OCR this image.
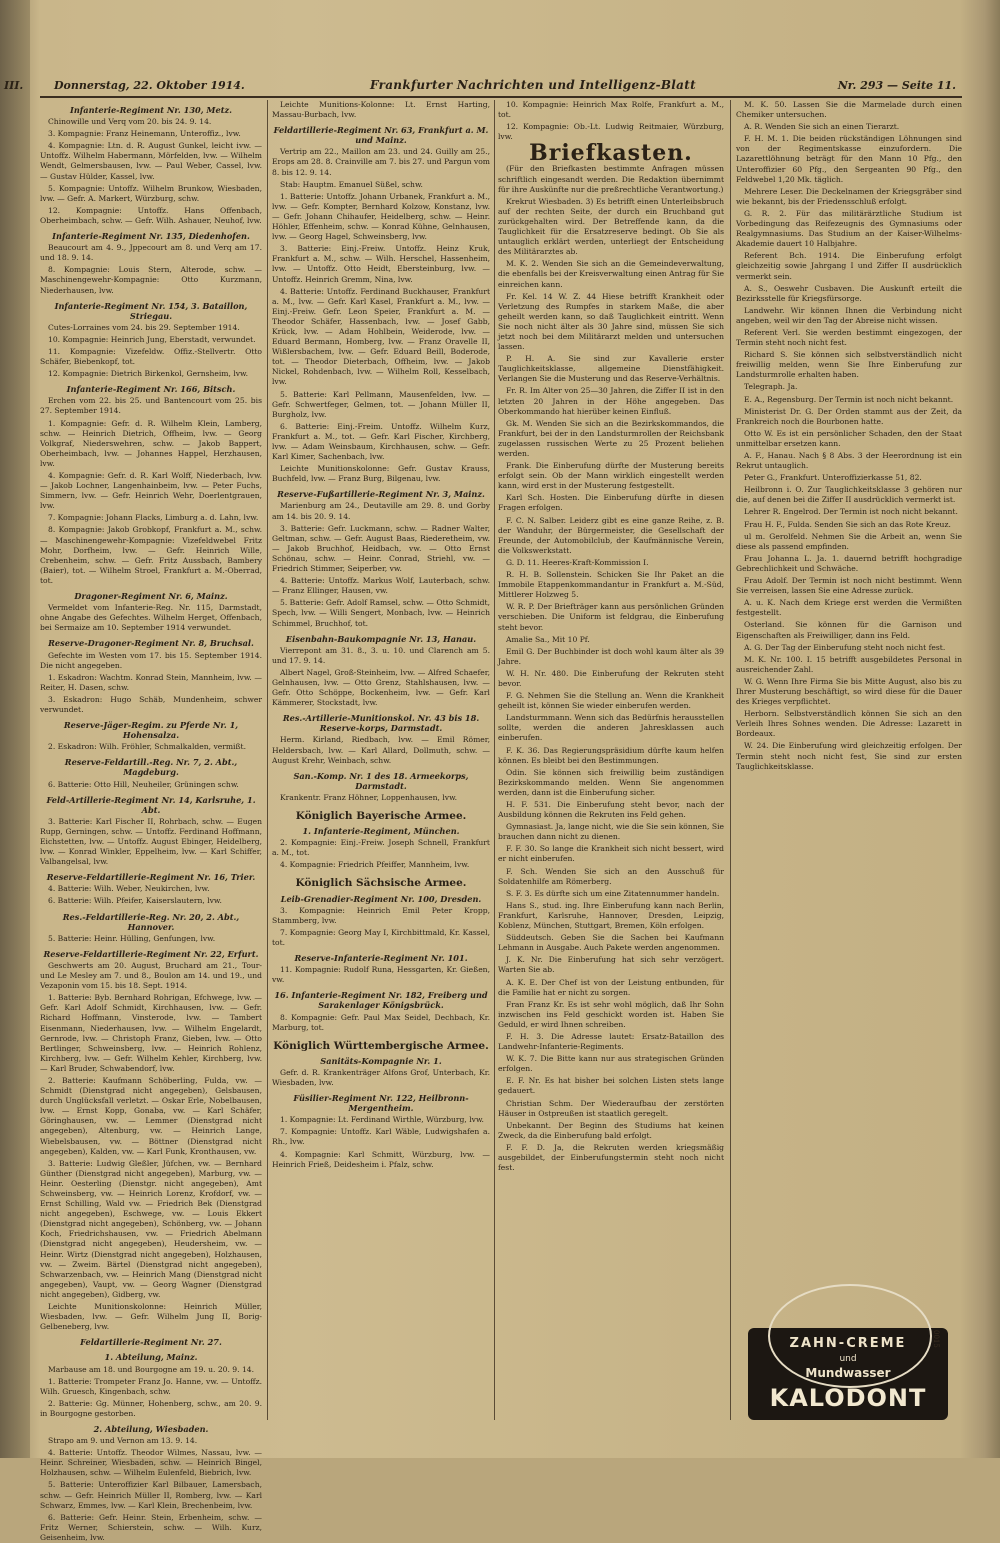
III.	Donnerstag, 22. Oktober 1914.	Frankfurter Nachrichten und Intelligenz-Blatt	Nr. 293 — Seite 11.
Infanterie-Regiment Nr. 130, Metz.
Chinowille und Verq vom 20. bis 24. 9. 14.
3. Kompagnie: Franz Heinemann, Unteroffiz., lvw.
4. Kompagnie: Ltn. d. R. August Gunkel, leicht ivw. — Untoffz. Wilhelm Habermann, Mörfelden, lvw. — Wilhelm Wendt, Gelmersbausen, lvw. — Paul Weber, Cassel, lvw. — Gustav Hülder, Kassel, lvw.
5. Kompagnie: Untoffz. Wilhelm Brunkow, Wiesbaden, lvw. — Gefr. A. Markert, Würzburg, schw.
12. Kompagnie: Untoffz. Hans Offenbach, Oberheimbach, schw. — Gefr. Wilh. Ashauer, Neuhof, lvw.
Infanterie-Regiment Nr. 135, Diedenhofen.
Beaucourt am 4. 9., Jppecourt am 8. und Verq am 17. und 18. 9. 14.
8. Kompagnie: Louis Stern, Alterode, schw. — Maschinengewehr-Kompagnie: Otto Kurzmann, Niederhausen, lvw.
Infanterie-Regiment Nr. 154, 3. Bataillon, Striegau.
Cutes-Lorraines vom 24. bis 29. September 1914.
10. Kompagnie: Heinrich Jung, Eberstadt, verwundet.
11. Kompagnie: Vizefeldw. Offiz.-Stellvertr. Otto Schäfer, Biebenkopf, tot.
12. Kompagnie: Dietrich Birkenkol, Gernsheim, lvw.
Infanterie-Regiment Nr. 166, Bitsch.
Erchen vom 22. bis 25. und Bantencourt vom 25. bis 27. September 1914.
1. Kompagnie: Gefr. d. R. Wilhelm Klein, Lamberg, schw. — Heinrich Dietrich, Offheim, lvw. — Georg Volkgraf, Niederswehren, schw. — Jakob Bappert, Oberheimbach, lvw. — Johannes Happel, Herzhausen, lvw.
4. Kompagnie: Gefr. d. R. Karl Wolff, Niederbach, lvw. — Jakob Lochner, Langenhainbeim, lvw. — Peter Fuchs, Simmern, lvw. — Gefr. Heinrich Wehr, Doerlentgrauen, lvw.
7. Kompagnie: Johann Flacks, Limburg a. d. Lahn, lvw.
8. Kompagnie: Jakob Grobkopf, Frankfurt a. M., schw. — Maschinengewehr-Kompagnie: Vizefeldwebel Fritz Mohr, Dorfheim, lvw. — Gefr. Heinrich Wille, Crebenheim, schw. — Gefr. Fritz Aussbach, Bambery (Baier), tot. — Wilhelm Stroel, Frankfurt a. M.-Oberrad, tot.
Dragoner-Regiment Nr. 6, Mainz.
Vermeldet vom Infanterie-Reg. Nr. 115, Darmstadt, ohne Angabe des Gefechtes. Wilhelm Herget, Offenbach, bei Sermaize am 10. September 1914 verwundet.
Reserve-Dragoner-Regiment Nr. 8, Bruchsal.
Gefechte im Westen vom 17. bis 15. September 1914. Die nicht angegeben.
1. Eskadron: Wachtm. Konrad Stein, Mannheim, lvw. — Reiter, H. Dasen, schw.
3. Eskadron: Hugo Schäb, Mundenheim, schwer verwundet.
Reserve-Jäger-Regim. zu Pferde Nr. 1, Hohensalza.
2. Eskadron: Wilh. Fröhler, Schmalkalden, vermißt.
Reserve-Feldartill.-Reg. Nr. 7, 2. Abt., Magdeburg.
6. Batterie: Otto Hill, Neuheiler, Grüningen schw.
Feld-Artillerie-Regiment Nr. 14, Karlsruhe, 1. Abt.
3. Batterie: Karl Fischer II, Rohrbach, schw. — Eugen Rupp, Gerningen, schw. — Untoffz. Ferdinand Hoffmann, Eichstetten, lvw. — Untoffz. August Ebinger, Heidelberg, lvw. — Konrad Winkler, Eppelheim, lvw. — Karl Schiffer, Valbangelsal, lvw.
Reserve-Feldartillerie-Regiment Nr. 16, Trier.
4. Batterie: Wilh. Weber, Neukirchen, lvw.
6. Batterie: Wilh. Pfeifer, Kaiserslautern, lvw.
Res.-Feldartillerie-Reg. Nr. 20, 2. Abt., Hannover.
5. Batterie: Heinr. Hülling, Genfungen, lvw.
Reserve-Feldartillerie-Regiment Nr. 22, Erfurt.
Geschwerts am 20. August, Bruchard am 21., Tour- und Le Mesley am 7. und 8., Boulon am 14. und 19., und Vezaponin vom 15. bis 18. Sept. 1914.
1. Batterie: Byb. Bernhard Rohrigan, Efchwege, lvw. — Gefr. Karl Adolf Schmidt, Kirchhausen, lvw. — Gefr. Richard Hoffmann, Vinsterode, lvw. — Tambert Eisenmann, Niederhausen, lvw. — Wilhelm Engelardt, Gernrode, lvw. — Christoph Franz, Gieben, lvw. — Otto Bertlinger, Schweinsberg, lvw. — Heinrich Rohlenz, Kirchberg, lvw. — Gefr. Wilhelm Kehler, Kirchberg, lvw. — Karl Bruder, Schwabendorf, lvw.
2. Batterie: Kaufmann Schöberling, Fulda, vw. — Schmidt (Dienstgrad nicht angegeben), Gelsbausen, durch Unglücksfall verletzt. — Oskar Erle, Nobelbausen, lvw. — Ernst Kopp, Gonaba, vw. — Karl Schäfer, Göringhausen, vw. — Lemmer (Dienstgrad nicht angegeben), Altenburg, vw. — Heinrich Lange, Wiebelsbausen, vw. — Böttner (Dienstgrad nicht angegeben), Kalden, vw. — Karl Funk, Kronthausen, vw.
3. Batterie: Ludwig Gleßler, Jüfchen, vw. — Bernhard Günther (Dienstgrad nicht angegeben), Marburg, vw. — Heinr. Oesterling (Dienstgr. nicht angegeben), Amt Schweinsberg, vw. — Heinrich Lorenz, Krofdorf, vw. — Ernst Schilling, Wald vw. — Friedrich Bek (Dienstgrad nicht angegeben), Eschwege, vw. — Louis Ekkert (Dienstgrad nicht angegeben), Schönberg, vw. — Johann Koch, Friedrichshausen, vw. — Friedrich Abelmann (Dienstgrad nicht angegeben), Heudersheim, vw. — Heinr. Wirtz (Dienstgrad nicht angegeben), Holzhausen, vw. — Zweim. Bärtel (Dienstgrad nicht angegeben), Schwarzenbach, vw. — Heinrich Mang (Dienstgrad nicht angegeben), Vaupt, vw. — Georg Wagner (Dienstgrad nicht angegeben), Gidberg, vw.
Leichte Munitionskolonne: Heinrich Müller, Wiesbaden, lvw. — Gefr. Wilhelm Jung II, Borig-Gelbeneberg, lvw.
Feldartillerie-Regiment Nr. 27.
1. Abteilung, Mainz.
Marbause am 18. und Bourgogne am 19. u. 20. 9. 14.
1. Batterie: Trompeter Franz Jo. Hanne, vw. — Untoffz. Wilh. Gruesch, Kingenbach, schw.
2. Batterie: Gg. Münner, Hohenberg, schw., am 20. 9. in Bourgogne gestorben.
2. Abteilung, Wiesbaden.
Strapo am 9. und Vernon am 13. 9. 14.
4. Batterie: Untoffz. Theodor Wilmes, Nassau, lvw. — Heinr. Schreiner, Wiesbaden, schw. — Heinrich Bingel, Holzhausen, schw. — Wilhelm Eulenfeld, Biebrich, lvw.
5. Batterie: Unteroffizier Karl Bilbauer, Lamersbach, schw. — Gefr. Heinrich Müller II, Romberg, lvw. — Karl Schwarz, Emmes, lvw. — Karl Klein, Brechenbeim, lvw.
6. Batterie: Gefr. Heinr. Stein, Erbenheim, schw. — Fritz Werner, Schierstein, schw. — Wilh. Kurz, Geisenheim, lvw.
Leichte Munitions-Kolonne: Lt. Ernst Harting, Massau-Burbach, lvw.
Feldartillerie-Regiment Nr. 63, Frankfurt a. M. und Mainz.
Vertrip am 22., Maillon am 23. und 24. Guilly am 25., Erops am 28. 8. Crainville am 7. bis 27. und Pargun vom 8. bis 12. 9. 14.
Stab: Hauptm. Emanuel Süßel, schw.
1. Batterie: Untoffz. Johann Urbanek, Frankfurt a. M., lvw. — Gefr. Kompter, Bernhard Kolzow, Konstanz, lvw. — Gefr. Johann Chihaufer, Heidelberg, schw. — Heinr. Höhler, Effenheim, schw. — Konrad Kühne, Gelnhausen, lvw. — Georg Hagel, Schweinsberg, lvw.
3. Batterie: Einj.-Freiw. Untoffz. Heinz Kruk, Frankfurt a. M., schw. — Wilh. Herschel, Hassenheim, lvw. — Untoffz. Otto Heidt, Ebersteinburg, lvw. — Untoffz. Heinrich Gremm, Nina, lvw.
4. Batterie: Untoffz. Ferdinand Buckhauser, Frankfurt a. M., lvw. — Gefr. Karl Kasel, Frankfurt a. M., lvw. — Einj.-Freiw. Gefr. Leon Speier, Frankfurt a. M. — Theodor Schäfer, Hassenbach, lvw. — Josef Gabb, Krück, lvw. — Adam Hohlbein, Weiderode, lvw. — Eduard Bermann, Homberg, lvw. — Franz Oravelle II, Wißlersbachem, lvw. — Gefr. Eduard Beill, Boderode, tot. — Theodor Dieterbach, Offheim, lvw. — Jakob Nickel, Rohdenbach, lvw. — Wilhelm Roll, Kesselbach, lvw.
5. Batterie: Karl Pellmann, Mausenfelden, lvw. — Gefr. Schwertfeger, Gelmen, tot. — Johann Müller II, Burgholz, lvw.
6. Batterie: Einj.-Freim. Untoffz. Wilhelm Kurz, Frankfurt a. M., tot. — Gefr. Karl Fischer, Kirchberg, lvw. — Adam Weinsbaum, Kirchhausen, schw. — Gefr. Karl Kimer, Sachenbach, lvw.
Leichte Munitionskolonne: Gefr. Gustav Krauss, Buchfeld, lvw. — Franz Burg, Bilgenau, lvw.
Reserve-Fußartillerie-Regiment Nr. 3, Mainz.
Marienburg am 24., Deutaville am 29. 8. und Gorby am 14. bis 20. 9. 14.
3. Batterie: Gefr. Luckmann, schw. — Radner Walter, Geltman, schw. — Gefr. August Baas, Riederetheim, vw. — Jakob Bruchhof, Heidbach, vw. — Otto Ernst Schönau, schw. — Heinr. Conrad, Striehl, vw. — Friedrich Stimmer, Seiperber, vw.
4. Batterie: Untoffz. Markus Wolf, Lauterbach, schw. — Franz Ellinger, Hausen, vw.
5. Batterie: Gefr. Adolf Ramsel, schw. — Otto Schmidt, Spech, lvw. — Willi Sengert, Monbach, lvw. — Heinrich Schimmel, Bruchhof, tot.
Eisenbahn-Baukompagnie Nr. 13, Hanau.
Vierrepont am 31. 8., 3. u. 10. und Clarench am 5. und 17. 9. 14.
Albert Nagel, Groß-Steinheim, lvw. — Alfred Schaefer, Gelnhausen, lvw. — Otto Grenz, Stahlshausen, lvw. — Gefr. Otto Schöppe, Bockenheim, lvw. — Gefr. Karl Kämmerer, Stockstadt, lvw.
Res.-Artillerie-Munitionskol. Nr. 43 bis 18. Reserve-korps, Darmstadt.
Herm. Kirland, Riedbach, lvw. — Emil Römer, Heldersbach, lvw. — Karl Allard, Dollmuth, schw. — August Krehr, Weinbach, schw.
San.-Komp. Nr. 1 des 18. Armeekorps, Darmstadt.
Krankentr. Franz Höhner, Loppenhausen, lvw.
Königlich Bayerische Armee.
1. Infanterie-Regiment, München.
2. Kompagnie: Einj.-Freiw. Joseph Schnell, Frankfurt a. M., tot.
4. Kompagnie: Friedrich Pfeiffer, Mannheim, lvw.
Königlich Sächsische Armee.
Leib-Grenadier-Regiment Nr. 100, Dresden.
3. Kompagnie: Heinrich Emil Peter Kropp, Stammberg, lvw.
7. Kompagnie: Georg May I, Kirchbittmald, Kr. Kassel, tot.
Reserve-Infanterie-Regiment Nr. 101.
11. Kompagnie: Rudolf Runa, Hessgarten, Kr. Gießen, vw.
16. Infanterie-Regiment Nr. 182, Freiberg und Sarakenlager Königsbrück.
8. Kompagnie: Gefr. Paul Max Seidel, Dechbach, Kr. Marburg, tot.
Königlich Württembergische Armee.
Sanitäts-Kompagnie Nr. 1.
Gefr. d. R. Krankenträger Alfons Grof, Unterbach, Kr. Wiesbaden, lvw.
Füsilier-Regiment Nr. 122, Heilbronn-Mergentheim.
1. Kompagnie: Lt. Ferdinand Wirthle, Würzburg, lvw.
7. Kompagnie: Untoffz. Karl Wäble, Ludwigshafen a. Rh., lvw.
4. Kompagnie: Karl Schmitt, Würzburg, lvw. — Heinrich Frieß, Deidesheim i. Pfalz, schw.
10. Kompagnie: Heinrich Max Rolfe, Frankfurt a. M., tot.
12. Kompagnie: Ob.-Lt. Ludwig Reitmaier, Würzburg, lvw.
Briefkasten.
(Für den Briefkasten bestimmte Anfragen müssen schriftlich eingesandt werden. Die Redaktion übernimmt für ihre Auskünfte nur die preßrechtliche Verantwortung.)
Krekrut Wiesbaden. 3) Es betrifft einen Unterleibsbruch auf der rechten Seite, der durch ein Bruchband gut zurückgehalten wird. Der Betreffende kann, da die Tauglichkeit für die Ersatzreserve bedingt. Ob Sie als untauglich erklärt werden, unterliegt der Entscheidung des Militärarztes ab.
M. K. 2. Wenden Sie sich an die Gemeindeverwaltung, die ebenfalls bei der Kreisverwaltung einen Antrag für Sie einreichen kann.
Fr. Kel. 14 W. Z. 44 Hiese betrifft Krankheit oder Verletzung des Rumpfes in starkem Maße, die aber geheilt werden kann, so daß Tauglichkeit eintritt. Wenn Sie noch nicht älter als 30 Jahre sind, müssen Sie sich jetzt noch bei dem Militärarzt melden und untersuchen lassen.
P. H. A. Sie sind zur Kavallerie erster Tauglichkeitsklasse, allgemeine Dienstfähigkeit. Verlangen Sie die Musterung und das Reserve-Verhältnis.
Fr. R. Im Alter von 25—30 Jahren, die Ziffer II ist in den letzten 20 Jahren in der Höhe angegeben. Das Oberkommando hat hierüber keinen Einfluß.
Gk. M. Wenden Sie sich an die Bezirkskommandos, die Frankfurt, bei der in den Landsturmrollen der Reichsbank zugelassen russischen Werte zu 25 Prozent beliehen werden.
Frank. Die Einberufung dürfte der Musterung bereits erfolgt sein. Ob der Mann wirklich eingestellt werden kann, wird erst in der Musterung festgestellt.
Karl Sch. Hosten. Die Einberufung dürfte in diesen Fragen erfolgen.
F. C. N. Salber. Leiderz gibt es eine ganze Reihe, z. B. der Wanduhr, der Bürgermeister, die Gesellschaft der Freunde, der Automobilclub, der Kaufmännische Verein, die Volkswerkstatt.
G. D. 11. Heeres-Kraft-Kommission I.
R. H. B. Sollenstein. Schicken Sie Ihr Paket an die Immobile Etappenkommandantur in Frankfurt a. M.-Süd, Mittlerer Holzweg 5.
W. R. P. Der Briefträger kann aus persönlichen Gründen verschieben. Die Uniform ist feldgrau, die Einberufung steht bevor.
Amalie Sa., Mit 10 Pf.
Emil G. Der Buchbinder ist doch wohl kaum älter als 39 Jahre.
W. H. Nr. 480. Die Einberufung der Rekruten steht bevor.
F. G. Nehmen Sie die Stellung an. Wenn die Krankheit geheilt ist, können Sie wieder einberufen werden.
Landsturmmann. Wenn sich das Bedürfnis herausstellen sollte, werden die anderen Jahresklassen auch einberufen.
F. K. 36. Das Regierungspräsidium dürfte kaum helfen können. Es bleibt bei den Bestimmungen.
Odin. Sie können sich freiwillig beim zuständigen Bezirkskommando melden. Wenn Sie angenommen werden, dann ist die Einberufung sicher.
H. F. 531. Die Einberufung steht bevor, nach der Ausbildung können die Rekruten ins Feld gehen.
Gymnasiast. Ja, lange nicht, wie die Sie sein können, Sie brauchen dann nicht zu dienen.
F. F. 30. So lange die Krankheit sich nicht bessert, wird er nicht einberufen.
F. Sch. Wenden Sie sich an den Ausschuß für Soldatenhilfe am Römerberg.
S. F. 3. Es dürfte sich um eine Zitatennummer handeln.
Hans S., stud. ing. Ihre Einberufung kann nach Berlin, Frankfurt, Karlsruhe, Hannover, Dresden, Leipzig, Koblenz, München, Stuttgart, Bremen, Köln erfolgen.
Süddeutsch. Geben Sie die Sachen bei Kaufmann Lehmann in Ausgabe. Auch Pakete werden angenommen.
J. K. Nr. Die Einberufung hat sich sehr verzögert. Warten Sie ab.
A. K. E. Der Chef ist von der Leistung entbunden, für die Familie hat er nicht zu sorgen.
Fran Franz Kr. Es ist sehr wohl möglich, daß Ihr Sohn inzwischen ins Feld geschickt worden ist. Haben Sie Geduld, er wird Ihnen schreiben.
F. H. 3. Die Adresse lautet: Ersatz-Bataillon des Landwehr-Infanterie-Regiments.
W. K. 7. Die Bitte kann nur aus strategischen Gründen erfolgen.
E. F. Nr. Es hat bisher bei solchen Listen stets lange gedauert.
Christian Schm. Der Wiederaufbau der zerstörten Häuser in Ostpreußen ist staatlich geregelt.
Unbekannt. Der Beginn des Studiums hat keinen Zweck, da die Einberufung bald erfolgt.
F. F. D. Ja, die Rekruten werden kriegsmäßig ausgebildet, der Einberufungstermin steht noch nicht fest.
M. K. 50. Lassen Sie die Marmelade durch einen Chemiker untersuchen.
A. R. Wenden Sie sich an einen Tierarzt.
F. H. M. 1. Die beiden rückständigen Löhnungen sind von der Regimentskasse einzufordern. Die Lazarettlöhnung beträgt für den Mann 10 Pfg., den Unteroffizier 60 Pfg., den Sergeanten 90 Pfg., den Feldwebel 1,20 Mk. täglich.
Mehrere Leser. Die Deckelnamen der Kriegsgräber sind wie bekannt, bis der Friedensschluß erfolgt.
G. R. 2. Für das militärärztliche Studium ist Vorbedingung das Reifezeugnis des Gymnasiums oder Realgymnasiums. Das Studium an der Kaiser-Wilhelms-Akademie dauert 10 Halbjahre.
Referent Bch. 1914. Die Einberufung erfolgt gleichzeitig sowie Jahrgang I und Ziffer II ausdrücklich vermerkt sein.
A. S., Oeswehr Cusbaven. Die Auskunft erteilt die Bezirksstelle für Kriegsfürsorge.
Landwehr. Wir können Ihnen die Verbindung nicht angeben, weil wir den Tag der Abreise nicht wissen.
Referent Verl. Sie werden bestimmt eingezogen, der Termin steht noch nicht fest.
Richard S. Sie können sich selbstverständlich nicht freiwillig melden, wenn Sie Ihre Einberufung zur Landsturmrolle erhalten haben.
Telegraph. Ja.
E. A., Regensburg. Der Termin ist noch nicht bekannt.
Ministerist Dr. G. Der Orden stammt aus der Zeit, da Frankreich noch die Bourbonen hatte.
Otto W. Es ist ein persönlicher Schaden, den der Staat unmittelbar ersetzen kann.
A. F., Hanau. Nach § 8 Abs. 3 der Heerordnung ist ein Rekrut untauglich.
Peter G., Frankfurt. Unteroffizierkasse 51, 82.
Heilbronn i. O. Zur Tauglichkeitsklasse 3 gehören nur die, auf denen bei die Ziffer II ausdrücklich vermerkt ist.
Lehrer R. Engelrod. Der Termin ist noch nicht bekannt.
Frau H. F., Fulda. Senden Sie sich an das Rote Kreuz.
ul m. Gerolfeld. Nehmen Sie die Arbeit an, wenn Sie diese als passend empfinden.
Frau Johanna L. Ja. 1. dauernd betrifft hochgradige Gebrechlichkeit und Schwäche.
Frau Adolf. Der Termin ist noch nicht bestimmt. Wenn Sie verreisen, lassen Sie eine Adresse zurück.
A. u. K. Nach dem Kriege erst werden die Vermißten festgestellt.
Osterland. Sie können für die Garnison und Eigenschaften als Freiwilliger, dann ins Feld.
A. G. Der Tag der Einberufung steht noch nicht fest.
M. K. Nr. 100. I. 15 betrifft ausgebildetes Personal in ausreichender Zahl.
W. G. Wenn Ihre Firma Sie bis Mitte August, also bis zu Ihrer Musterung beschäftigt, so wird diese für die Dauer des Krieges verpflichtet.
Herborn. Selbstverständlich können Sie sich an den Verleih Ihres Sohnes wenden. Die Adresse: Lazarett in Bordeaux.
W. 24. Die Einberufung wird gleichzeitig erfolgen. Der Termin steht noch nicht fest, Sie sind zur ersten Tauglichkeitsklasse.
ZAHN-CREME
und
Mundwasser
KALODONT
0015
